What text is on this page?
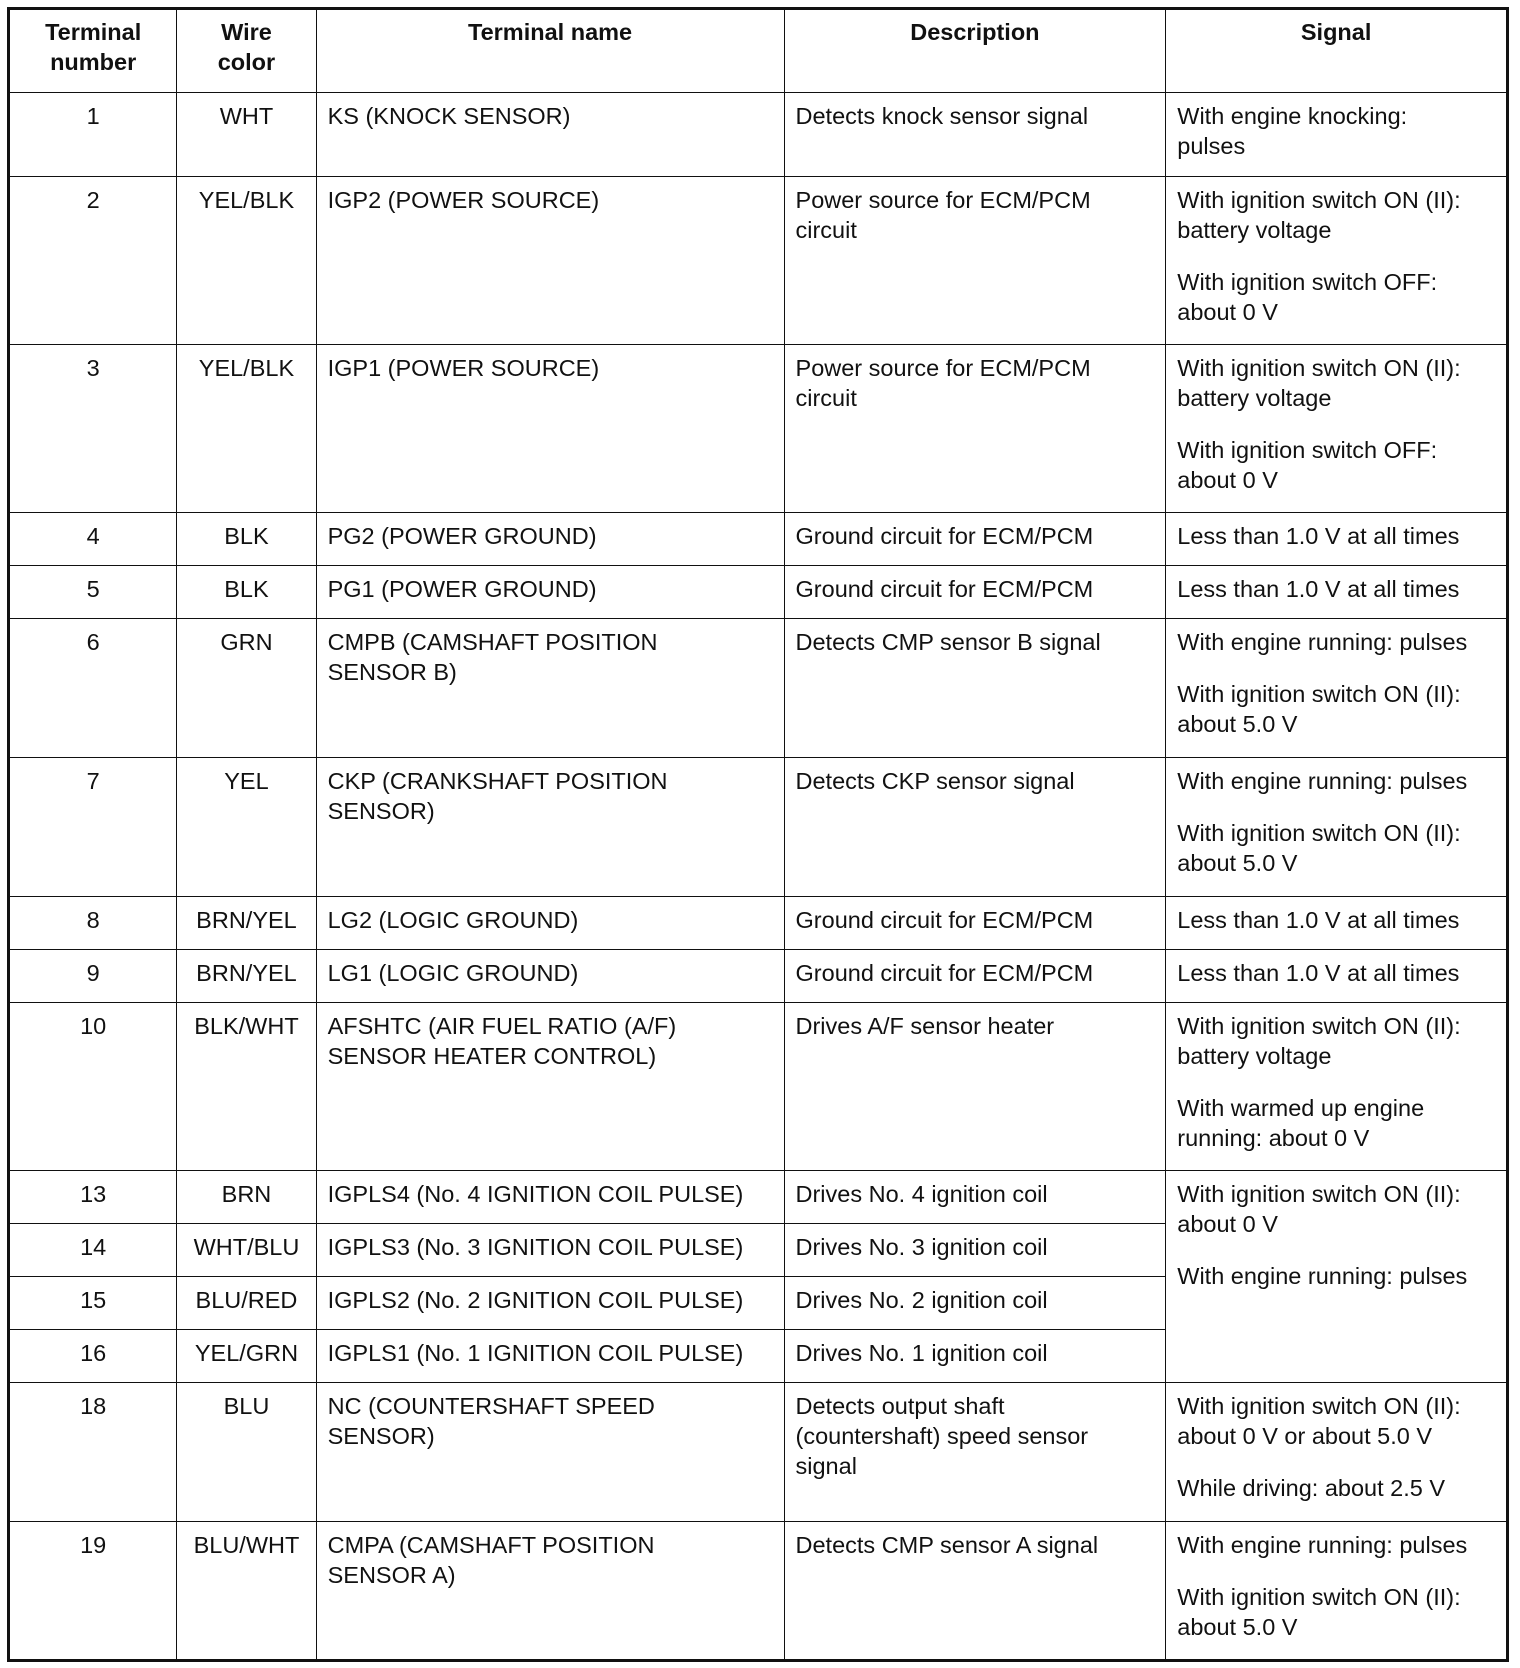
Terminal
number	Wire
color	Terminal name	Description	Signal
1	WHT	KS (KNOCK SENSOR)	Detects knock sensor signal	With engine knocking:
pulses

2	YEL/BLK	IGP2 (POWER SOURCE)	Power source for ECM/PCM
circuit	With ignition switch ON (II):
battery voltage
With ignition switch OFF:
about 0 V

3	YEL/BLK	IGP1 (POWER SOURCE)	Power source for ECM/PCM
circuit	With ignition switch ON (II):
battery voltage
With ignition switch OFF:
about 0 V

4	BLK	PG2 (POWER GROUND)	Ground circuit for ECM/PCM	Less than 1.0 V at all times

5	BLK	PG1 (POWER GROUND)	Ground circuit for ECM/PCM	Less than 1.0 V at all times

6	GRN	CMPB (CAMSHAFT POSITION
SENSOR B)	Detects CMP sensor B signal	With engine running: pulses
With ignition switch ON (II):
about 5.0 V

7	YEL	CKP (CRANKSHAFT POSITION
SENSOR)	Detects CKP sensor signal	With engine running: pulses
With ignition switch ON (II):
about 5.0 V

8	BRN/YEL	LG2 (LOGIC GROUND)	Ground circuit for ECM/PCM	Less than 1.0 V at all times

9	BRN/YEL	LG1 (LOGIC GROUND)	Ground circuit for ECM/PCM	Less than 1.0 V at all times

10	BLK/WHT	AFSHTC (AIR FUEL RATIO (A/F)
SENSOR HEATER CONTROL)	Drives A/F sensor heater	With ignition switch ON (II):
battery voltage
With warmed up engine
running: about 0 V

13	BRN	IGPLS4 (No. 4 IGNITION COIL PULSE)	Drives No. 4 ignition coil	With ignition switch ON (II):
about 0 V
With engine running: pulses

14	WHT/BLU	IGPLS3 (No. 3 IGNITION COIL PULSE)	Drives No. 3 ignition coil	
15	BLU/RED	IGPLS2 (No. 2 IGNITION COIL PULSE)	Drives No. 2 ignition coil	
16	YEL/GRN	IGPLS1 (No. 1 IGNITION COIL PULSE)	Drives No. 1 ignition coil	
18	BLU	NC (COUNTERSHAFT SPEED
SENSOR)	Detects output shaft
(countershaft) speed sensor
signal	With ignition switch ON (II):
about 0 V or about 5.0 V
While driving: about 2.5 V

19	BLU/WHT	CMPA (CAMSHAFT POSITION
SENSOR A)	Detects CMP sensor A signal	With engine running: pulses
With ignition switch ON (II):
about 5.0 V
